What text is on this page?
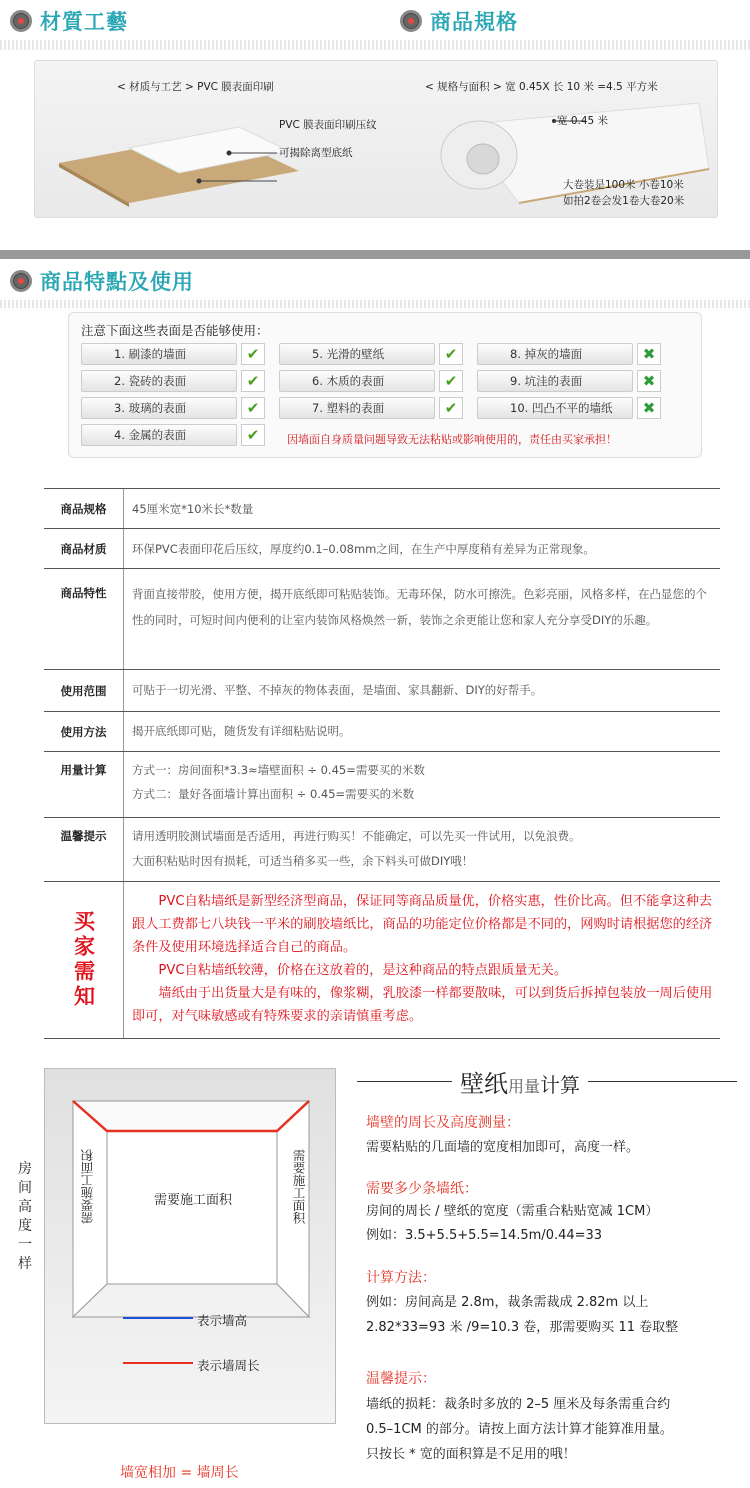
材質工藝	商品規格
< 材质与工艺 > PVC 膜表面印刷
PVC 膜表面印刷压纹
可揭除离型底纸
< 规格与面积 > 宽 0.45X 长 10 米 =4.5 平方米
宽 0.45 米
大卷装是100米 小卷10米
如拍2卷会发1卷大卷20米
商品特點及使用
注意下面这些表面是否能够使用：
1. 刷漆的墙面	✔
2. 瓷砖的表面	✔
3. 玻璃的表面	✔
4. 金属的表面	✔
5. 光滑的壁纸	✔
6. 木质的表面	✔
7. 塑料的表面	✔
8. 掉灰的墙面	✖
9. 坑洼的表面	✖
10. 凹凸不平的墙纸	✖
因墙面自身质量问题导致无法粘贴或影响使用的，责任由买家承担！
商品规格	45厘米宽*10米长*数量
商品材质	环保PVC表面印花后压纹，厚度约0.1–0.08mm之间，在生产中厚度稍有差异为正常现象。
商品特性	背面直接带胶，使用方便，揭开底纸即可粘贴装饰。无毒环保，防水可擦洗。色彩亮丽，风格多样，在凸显您的个性的同时，可短时间内便利的让室内装饰风格焕然一新，装饰之余更能让您和家人充分享受DIY的乐趣。
使用范围	可贴于一切光滑、平整、不掉灰的物体表面，是墙面、家具翻新、DIY的好帮手。
使用方法	揭开底纸即可贴，随货发有详细粘贴说明。
用量计算	方式一：房间面积*3.3≈墙壁面积 ÷ 0.45=需要买的米数
方式二：量好各面墙计算出面积 ÷ 0.45=需要买的米数
温馨提示	请用透明胶测试墙面是否适用，再进行购买！不能确定，可以先买一件试用，以免浪费。
大面积粘贴时因有损耗，可适当稍多买一些，余下料头可做DIY哦！
买家需知
PVC自粘墙纸是新型经济型商品，保证同等商品质量优，价格实惠，性价比高。但不能拿这种去跟人工费都七八块钱一平米的刷胶墙纸比，商品的功能定位价格都是不同的，网购时请根据您的经济条件及使用环境选择适合自己的商品。
PVC自粘墙纸较薄，价格在这放着的，是这种商品的特点跟质量无关。
墙纸由于出货量大是有味的，像浆糊，乳胶漆一样都要散味，可以到货后拆掉包装放一周后使用即可，对气味敏感或有特殊要求的亲请慎重考虑。
房间高度一样
需要施工面积
需要施工面积	需要施工面积
表示墙高
表示墙周长
墙宽相加 = 墙周长
壁纸用量计算
墙壁的周长及高度测量：
需要粘贴的几面墙的宽度相加即可，高度一样。
需要多少条墙纸：
房间的周长 / 壁纸的宽度（需重合粘贴宽减 1CM）
例如：3.5+5.5+5.5=14.5m/0.44=33
计算方法：
例如：房间高是 2.8m，裁条需裁成 2.82m 以上
2.82*33=93 米 /9=10.3 卷，那需要购买 11 卷取整
温馨提示：
墙纸的损耗：裁条时多放的 2–5 厘米及每条需重合约
0.5–1CM 的部分。请按上面方法计算才能算准用量。
只按长 * 宽的面积算是不足用的哦！
